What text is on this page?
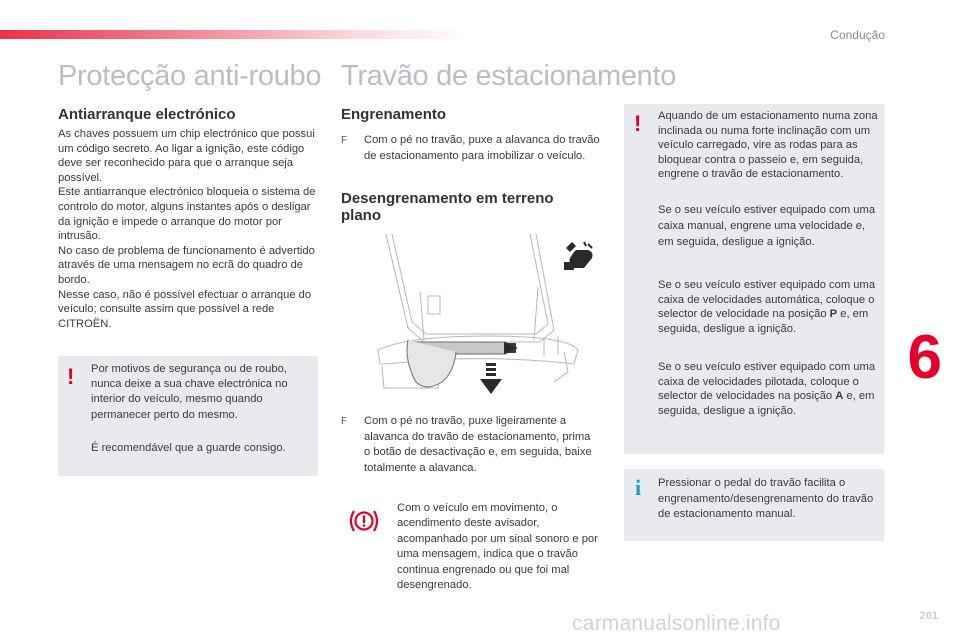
Condução
Protecção anti-roubo
Antiarranque electrónico

As chaves possuem um chip electrónico que possui um código secreto. Ao ligar a ignição, este código deve ser reconhecido para que o arranque seja possível.

Este antiarranque electrónico bloqueia o sistema de controlo do motor, alguns instantes após o desligar da ignição e impede o arranque do motor por intrusão.

No caso de problema de funcionamento é advertido através de uma mensagem no ecrã do quadro de bordo.

Nesse caso, não é possível efectuar o arranque do veículo; consulte assim que possível a rede CITROËN.

! Por motivos de segurança ou de roubo, nunca deixe a sua chave electrónica no interior do veículo, mesmo quando permanecer perto do mesmo.
É recomendável que a guarde consigo.
Travão de estacionamento
Engrenamento
F Com o pé no travão, puxe a alavanca do travão de estacionamento para imobilizar o veículo.
Desengrenamento em terreno plano
F Com o pé no travão, puxe ligeiramente a alavanca do travão de estacionamento, prima o botão de desactivação e, em seguida, baixe totalmente a alavanca.
Com o veículo em movimento, o acendimento deste avisador, acompanhado por um sinal sonoro e por uma mensagem, indica que o travão continua engrenado ou que foi mal desengrenado.
! Aquando de um estacionamento numa zona inclinada ou numa forte inclinação com um veículo carregado, vire as rodas para as bloquear contra o passeio e, em seguida, engrene o travão de estacionamento.
Se o seu veículo estiver equipado com uma caixa manual, engrene uma velocidade e, em seguida, desligue a ignição.
Se o seu veículo estiver equipado com uma caixa de velocidades automática, coloque o selector de velocidade na posição P e, em seguida, desligue a ignição.
Se o seu veículo estiver equipado com uma caixa de velocidades pilotada, coloque o selector de velocidades na posição A e, em seguida, desligue a ignição.
i Pressionar o pedal do travão facilita o engrenamento/desengrenamento do travão de estacionamento manual.
6
201
carmanualsonline.info
